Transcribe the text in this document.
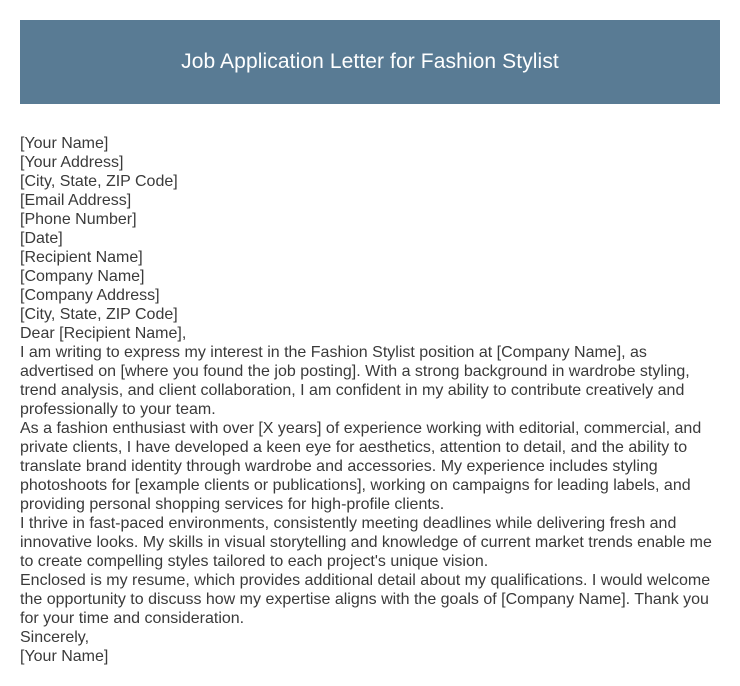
Job Application Letter for Fashion Stylist
[Your Name]
[Your Address]
[City, State, ZIP Code]
[Email Address]
[Phone Number]
[Date]
[Recipient Name]
[Company Name]
[Company Address]
[City, State, ZIP Code]
Dear [Recipient Name],
I am writing to express my interest in the Fashion Stylist position at [Company Name], as
advertised on [where you found the job posting]. With a strong background in wardrobe styling,
trend analysis, and client collaboration, I am confident in my ability to contribute creatively and
professionally to your team.
As a fashion enthusiast with over [X years] of experience working with editorial, commercial, and
private clients, I have developed a keen eye for aesthetics, attention to detail, and the ability to
translate brand identity through wardrobe and accessories. My experience includes styling
photoshoots for [example clients or publications], working on campaigns for leading labels, and
providing personal shopping services for high-profile clients.
I thrive in fast-paced environments, consistently meeting deadlines while delivering fresh and
innovative looks. My skills in visual storytelling and knowledge of current market trends enable me
to create compelling styles tailored to each project's unique vision.
Enclosed is my resume, which provides additional detail about my qualifications. I would welcome
the opportunity to discuss how my expertise aligns with the goals of [Company Name]. Thank you
for your time and consideration.
Sincerely,
[Your Name]
